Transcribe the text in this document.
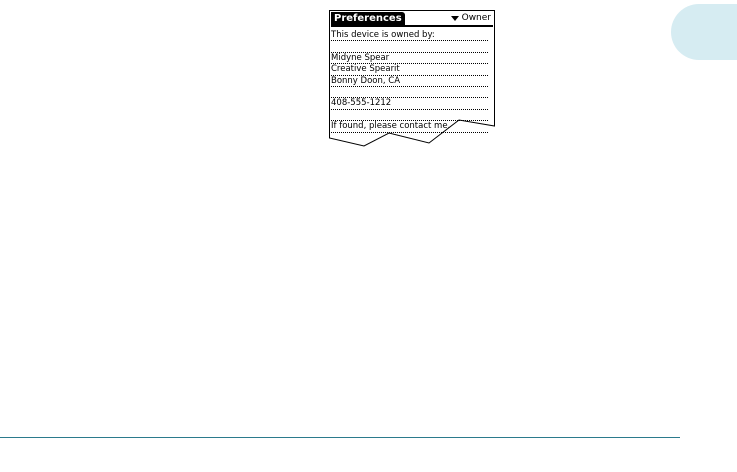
Preferences	Owner
This device is owned by:
Midyne Spear
Creative Spearit
Bonny Doon, CA
408-555-1212
If found, please contact me.
